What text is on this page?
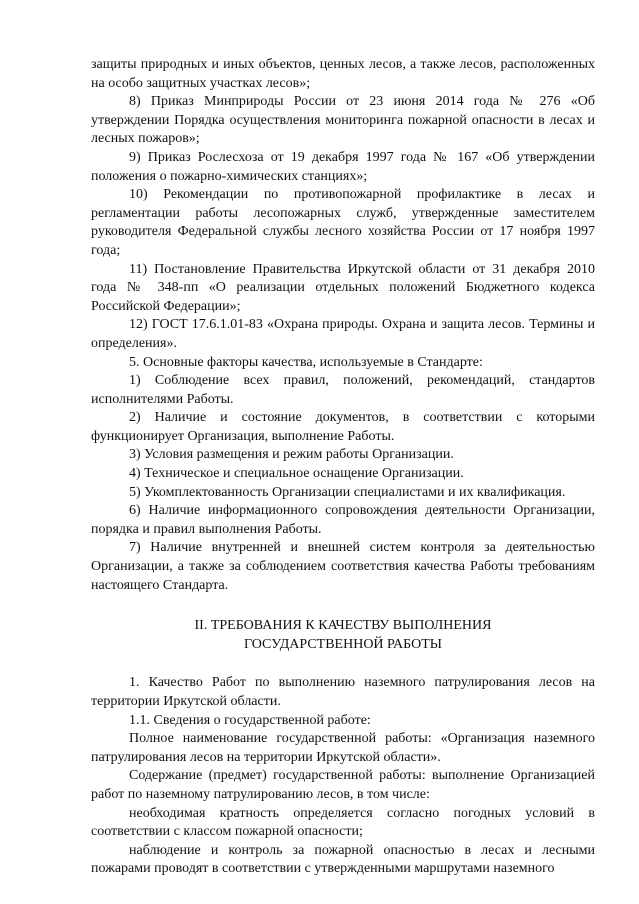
защиты природных и иных объектов, ценных лесов, а также лесов, расположенных на особо защитных участках лесов»;

8) Приказ Минприроды России от 23 июня 2014 года № 276 «Об утверждении Порядка осуществления мониторинга пожарной опасности в лесах и лесных пожаров»;

9) Приказ Рослесхоза от 19 декабря 1997 года № 167 «Об утверждении положения о пожарно-химических станциях»;

10) Рекомендации по противопожарной профилактике в лесах и регламентации работы лесопожарных служб, утвержденные заместителем руководителя Федеральной службы лесного хозяйства России от 17 ноября 1997 года;

11) Постановление Правительства Иркутской области от 31 декабря 2010 года № 348-пп «О реализации отдельных положений Бюджетного кодекса Российской Федерации»;

12) ГОСТ 17.6.1.01-83 «Охрана природы. Охрана и защита лесов. Термины и определения».

5. Основные факторы качества, используемые в Стандарте:

1) Соблюдение всех правил, положений, рекомендаций, стандартов исполнителями Работы.

2) Наличие и состояние документов, в соответствии с которыми функционирует Организация, выполнение Работы.

3) Условия размещения и режим работы Организации.

4) Техническое и специальное оснащение Организации.

5) Укомплектованность Организации специалистами и их квалификация.

6) Наличие информационного сопровождения деятельности Организации, порядка и правил выполнения Работы.

7) Наличие внутренней и внешней систем контроля за деятельностью Организации, а также за соблюдением соответствия качества Работы требованиям настоящего Стандарта.

II. ТРЕБОВАНИЯ К КАЧЕСТВУ ВЫПОЛНЕНИЯ
ГОСУДАРСТВЕННОЙ РАБОТЫ

1. Качество Работ по выполнению наземного патрулирования лесов на территории Иркутской области.

1.1. Сведения о государственной работе:

Полное наименование государственной работы: «Организация наземного патрулирования лесов на территории Иркутской области».

Содержание (предмет) государственной работы: выполнение Организацией работ по наземному патрулированию лесов, в том числе:

необходимая кратность определяется согласно погодных условий в соответствии с классом пожарной опасности;

наблюдение и контроль за пожарной опасностью в лесах и лесными пожарами проводят в соответствии с утвержденными маршрутами наземного
